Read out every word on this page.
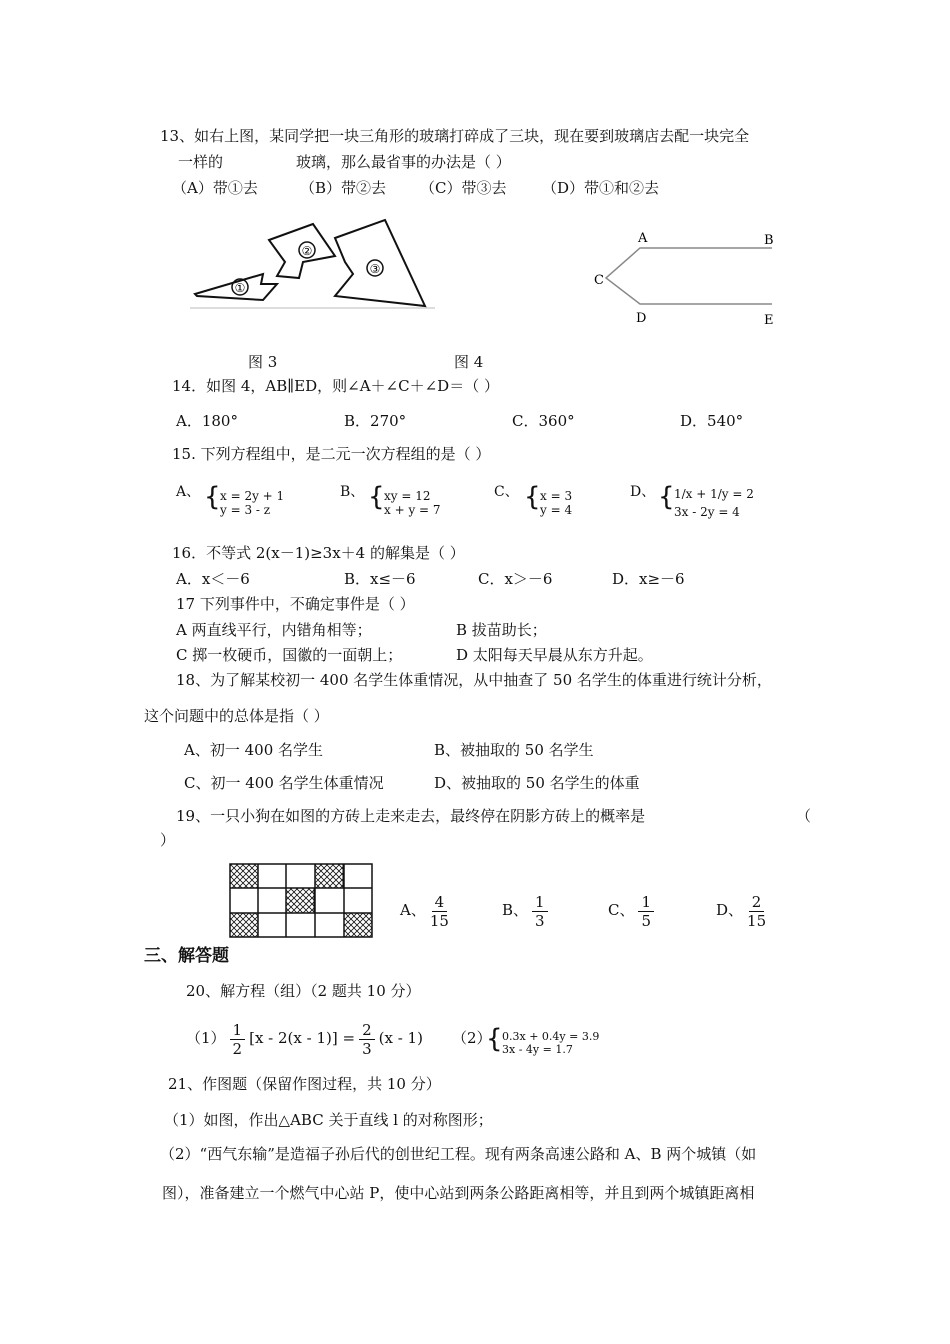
13、如右上图，某同学把一块三角形的玻璃打碎成了三块，现在要到玻璃店去配一块完全
一样的	玻璃，那么最省事的办法是（ ）
（A）带①去	（B）带②去 （C）带③去 （D）带①和②去
①
②
③
A	B
C
D	E
图 3	图 4
14．如图 4，AB∥ED，则∠A＋∠C＋∠D＝（ ）
A．180°	B．270°	C．360°	D．540°
15. 下列方程组中，是二元一次方程组的是（ ）
A、 { x = 2y + 1
y = 3 - z
B、 { xy = 12
x + y = 7
C、 { x = 3
y = 4
D、 { 1/x + 1/y = 2
3x - 2y = 4
16．不等式 2(x－1)≥3x＋4 的解集是（ ）
A．x＜－6	B．x≤－6	C．x＞－6	D．x≥－6
17 下列事件中，不确定事件是（ ）
A 两直线平行，内错角相等；	B 拔苗助长；
C 掷一枚硬币，国徽的一面朝上；	D 太阳每天早晨从东方升起。
18、为了解某校初一 400 名学生体重情况，从中抽查了 50 名学生的体重进行统计分析，
这个问题中的总体是指（ ）
A、初一 400 名学生	B、被抽取的 50 名学生
C、初一 400 名学生体重情况	D、被抽取的 50 名学生的体重
19、一只小狗在如图的方砖上走来走去，最终停在阴影方砖上的概率是	（
）
A、 $\frac{4}{15}$	B、 $\frac{1}{3}$	C、 $\frac{1}{5}$	D、 $\frac{2}{15}$
三、解答题
20、解方程（组）（2 题共 10 分）
$(1) \frac{1}{2} [x - 2(x - 1)] = \frac{2}{3} (x - 1)$ （2）
{ 0.3x + 0.4y = 3.9
3x - 4y = 1.7
21、作图题（保留作图过程，共 10 分）
（1）如图，作出△ABC 关于直线 l 的对称图形；
（2）“西气东输”是造福子孙后代的创世纪工程。现有两条高速公路和 A、B 两个城镇（如
图），准备建立一个燃气中心站 P，使中心站到两条公路距离相等，并且到两个城镇距离相
